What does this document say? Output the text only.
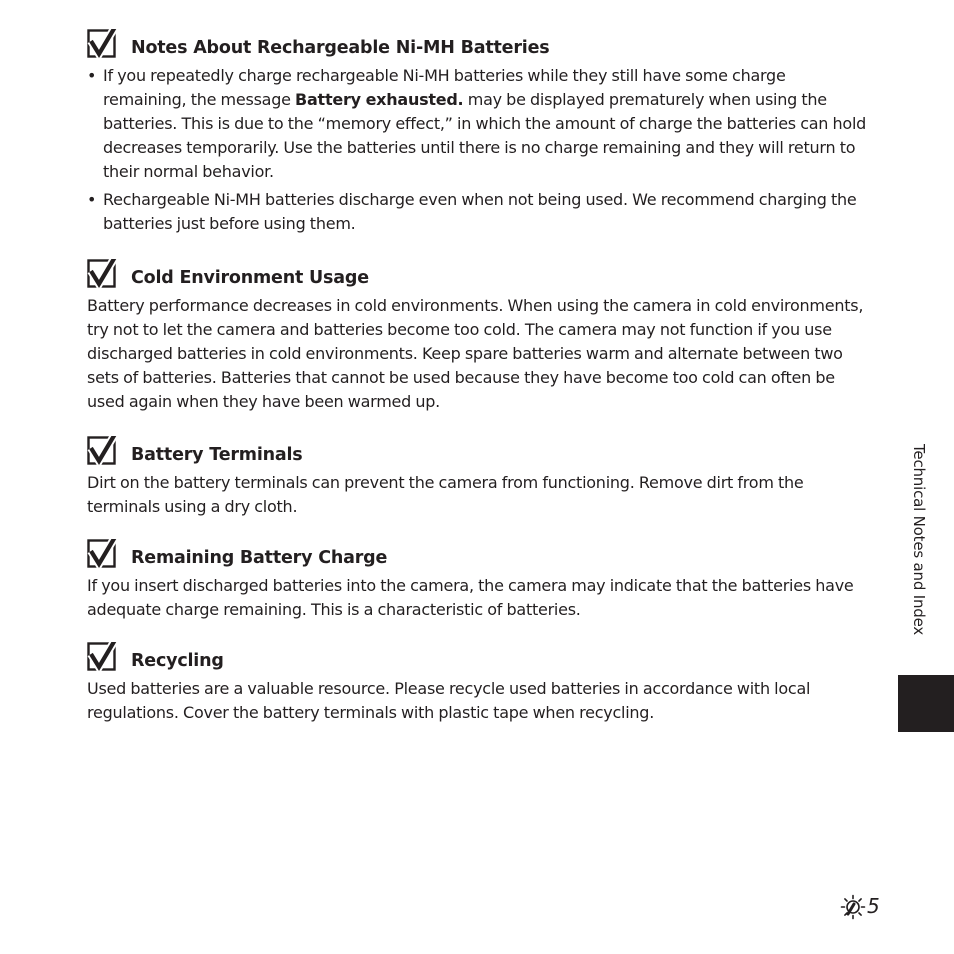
Notes About Rechargeable Ni-MH Batteries
• If you repeatedly charge rechargeable Ni-MH batteries while they still have some charge remaining, the message Battery exhausted. may be displayed prematurely when using the batteries. This is due to the “memory effect,” in which the amount of charge the batteries can hold decreases temporarily. Use the batteries until there is no charge remaining and they will return to their normal behavior.
• Rechargeable Ni-MH batteries discharge even when not being used. We recommend charging the batteries just before using them.
Cold Environment Usage

Battery performance decreases in cold environments. When using the camera in cold environments, try not to let the camera and batteries become too cold. The camera may not function if you use discharged batteries in cold environments. Keep spare batteries warm and alternate between two sets of batteries. Batteries that cannot be used because they have become too cold can often be used again when they have been warmed up.

Battery Terminals

Dirt on the battery terminals can prevent the camera from functioning. Remove dirt from the terminals using a dry cloth.

Remaining Battery Charge

If you insert discharged batteries into the camera, the camera may indicate that the batteries have adequate charge remaining. This is a characteristic of batteries.

Recycling

Used batteries are a valuable resource. Please recycle used batteries in accordance with local regulations. Cover the battery terminals with plastic tape when recycling.

Technical Notes and Index
5
